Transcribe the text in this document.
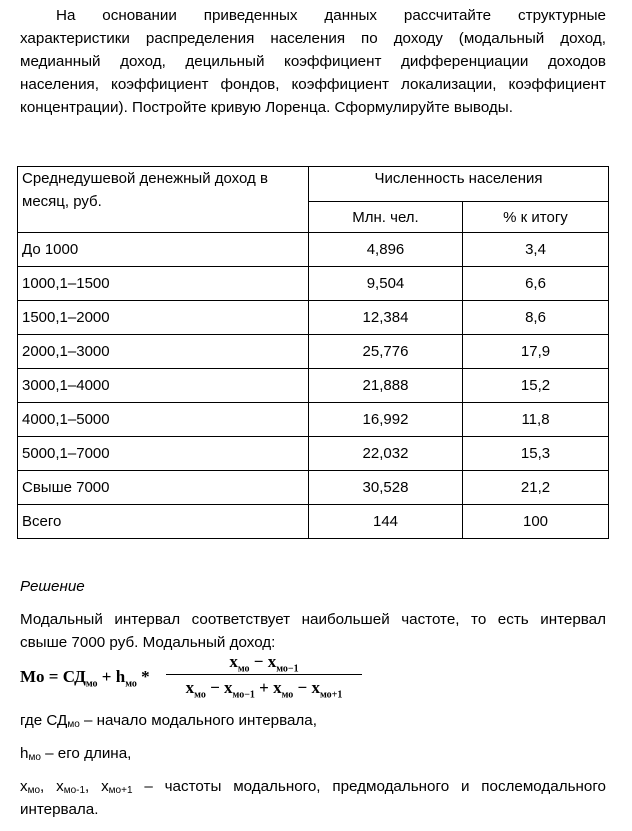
На основании приведенных данных рассчитайте структурные характеристики распределения населения по доходу (модальный доход, медианный доход, децильный коэффициент дифференциации доходов населения, коэффициент фондов, коэффициент локализации, коэффициент концентрации). Постройте кривую Лоренца. Сформулируйте выводы.

Среднедушевой денежный доход в месяц, руб.	Численность населения	
	Млн. чел.	% к итогу
До 1000	4,896	3,4
1000,1–1500	9,504	6,6
1500,1–2000	12,384	8,6
2000,1–3000	25,776	17,9
3000,1–4000	21,888	15,2
4000,1–5000	16,992	11,8
5000,1–7000	22,032	15,3
Свыше 7000	30,528	21,2
Всего	144	100

Решение

Модальный интервал соответствует наибольшей частоте, то есть интервал свыше 7000 руб. Модальный доход:

$Mo = СД_{мо} + h_{мо}$ *
$x_{мо} - x_{мо-1}$
$x_{мо} - x_{мо-1} + x_{мо} - x_{мо+1}$

где $СД_{мо}$ – начало модального интервала,

$h_{мо}$ – его длина,

$x_{мо}$, $x_{мо-1}$, $x_{мо+1}$ – частоты модального, предмодального и послемодального интервала.
